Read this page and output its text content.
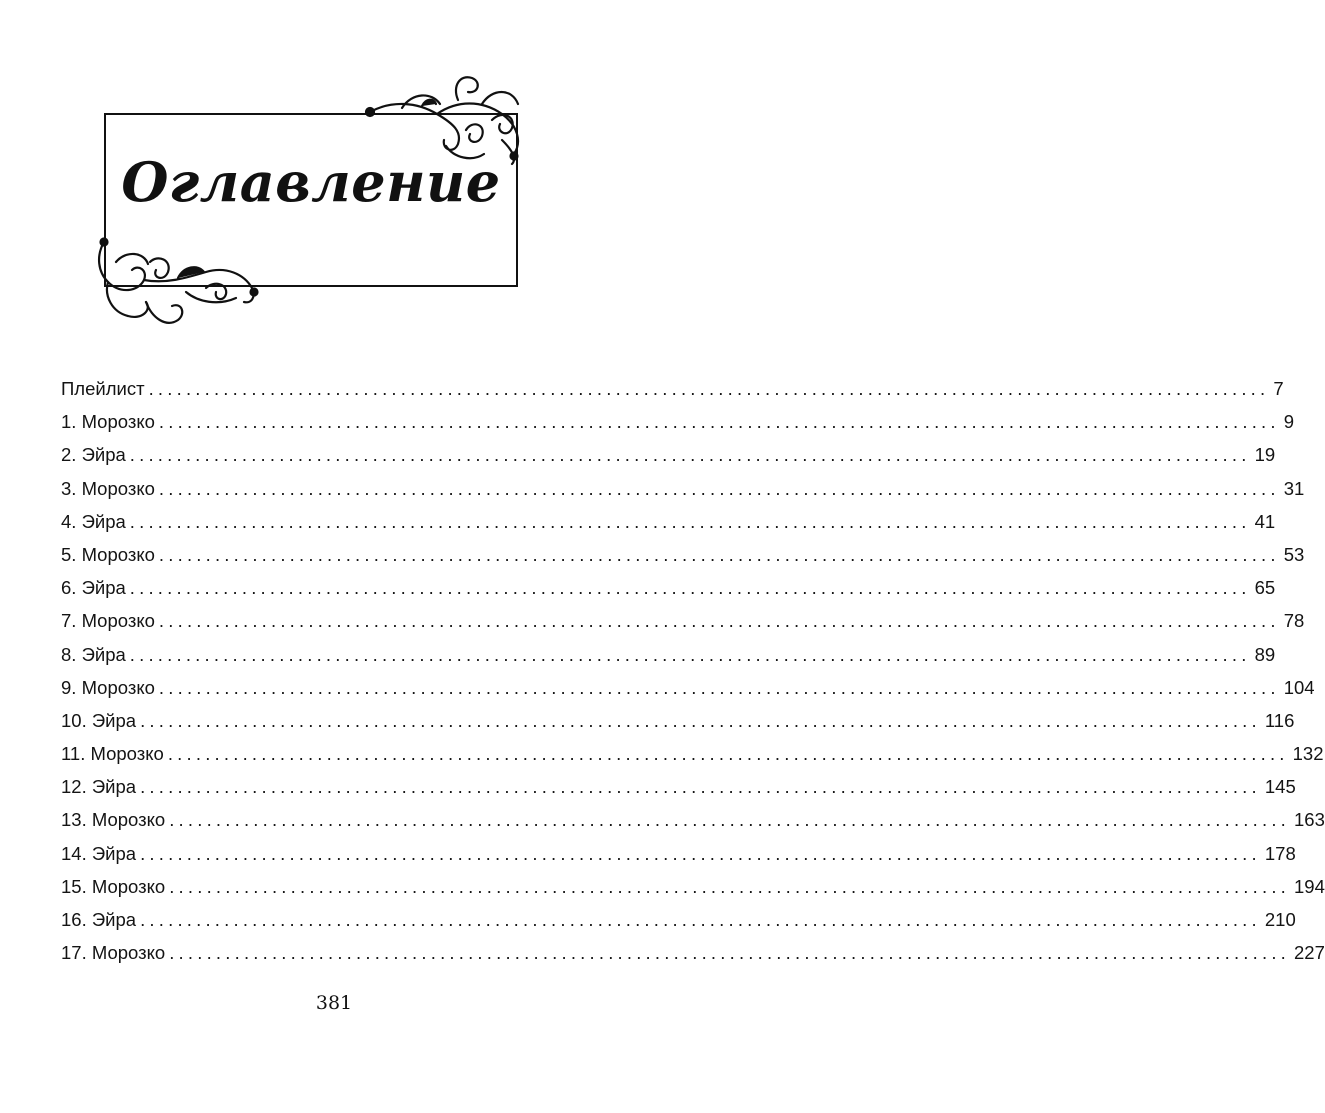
Оглавление
Плейлист ........................................................................................................................ 7
1. Морозко ........................................................................................................................ 9
2. Эйра ........................................................................................................................ 19
3. Морозко ........................................................................................................................ 31
4. Эйра ........................................................................................................................ 41
5. Морозко ........................................................................................................................ 53
6. Эйра ........................................................................................................................ 65
7. Морозко ........................................................................................................................ 78
8. Эйра ........................................................................................................................ 89
9. Морозко ........................................................................................................................ 104
10. Эйра ........................................................................................................................ 116
11. Морозко ........................................................................................................................ 132
12. Эйра ........................................................................................................................ 145
13. Морозко ........................................................................................................................ 163
14. Эйра ........................................................................................................................ 178
15. Морозко ........................................................................................................................ 194
16. Эйра ........................................................................................................................ 210
17. Морозко ........................................................................................................................ 227
381
